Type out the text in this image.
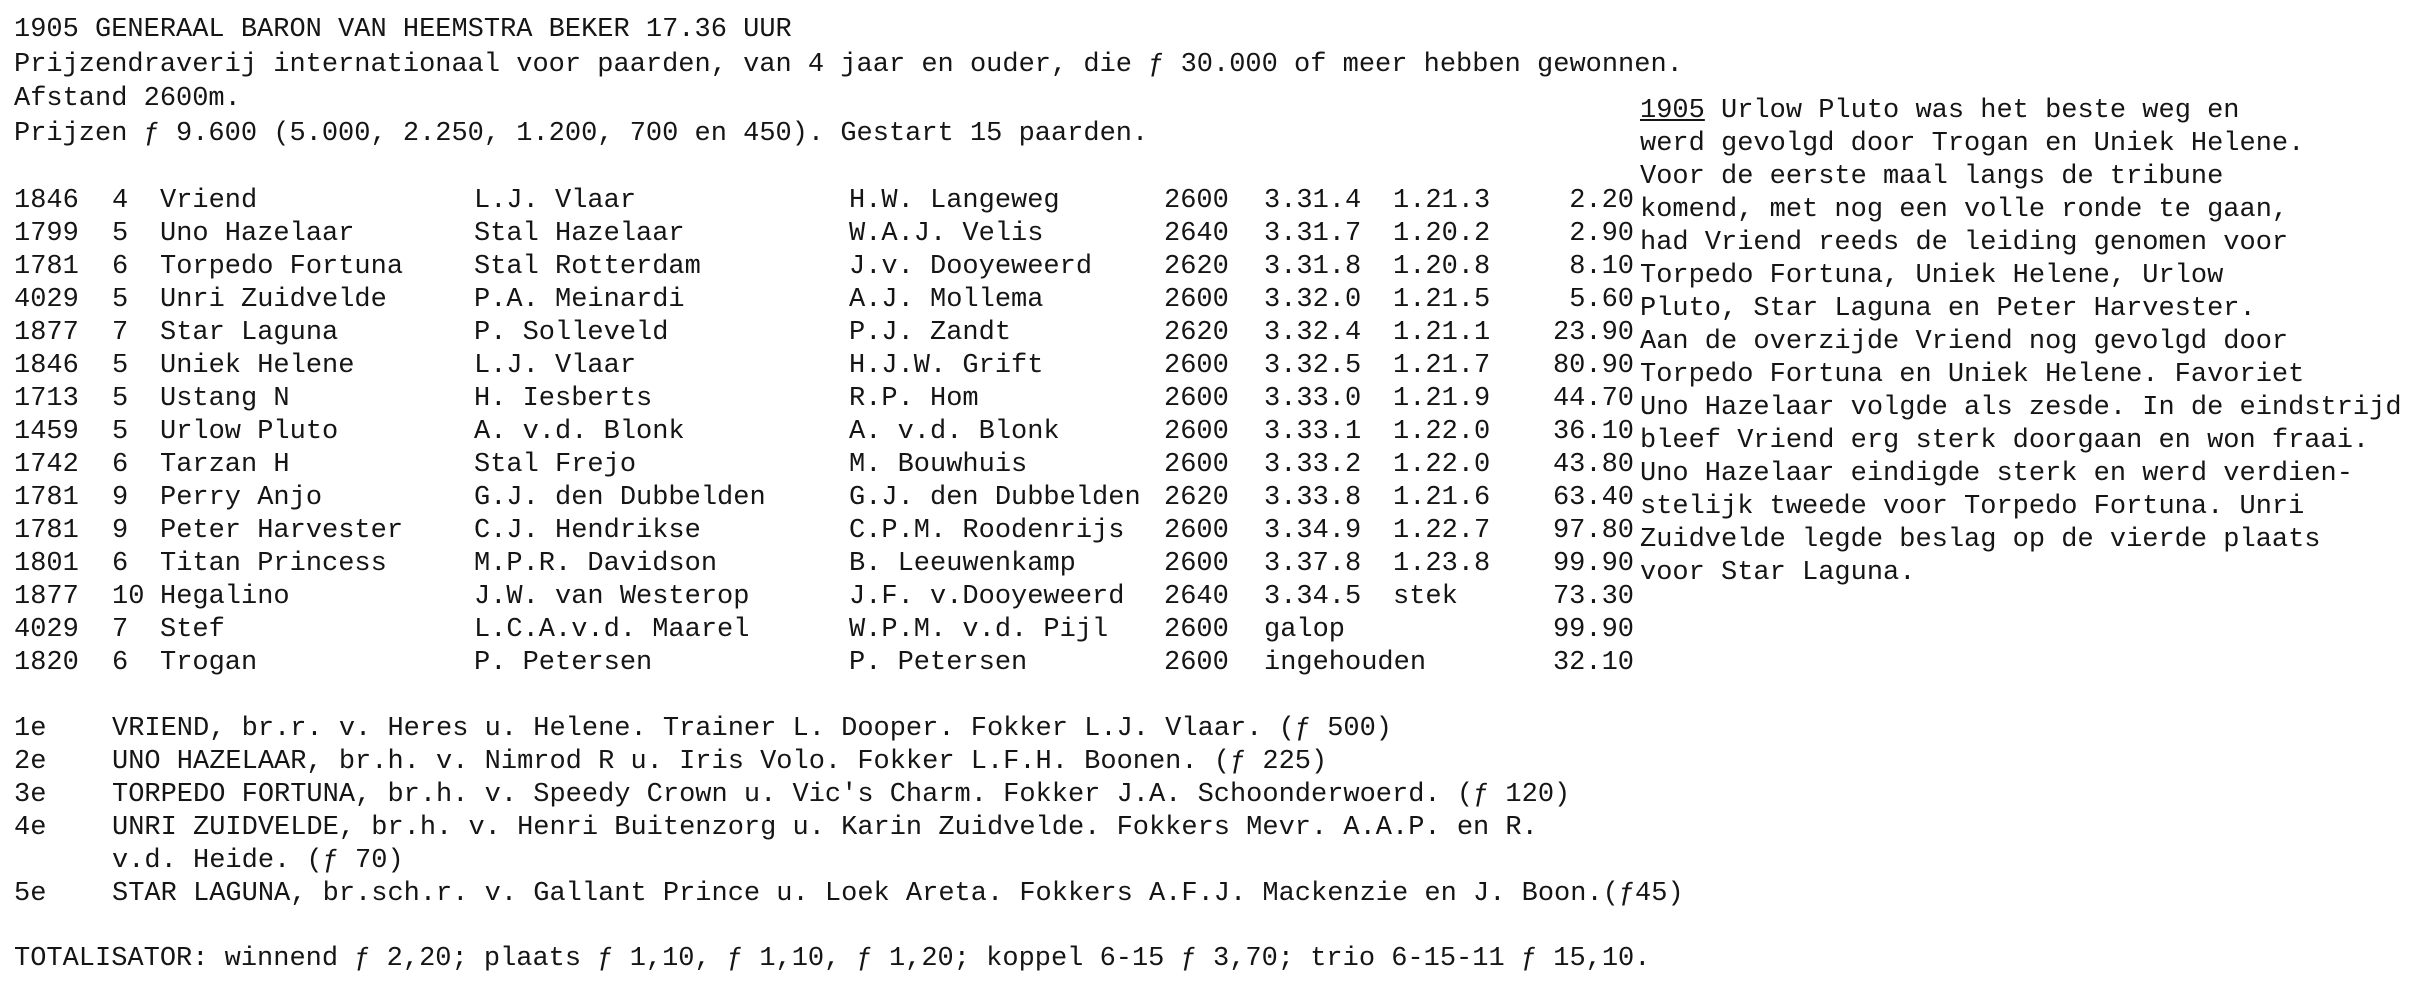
1905 GENERAAL BARON VAN HEEMSTRA BEKER 17.36 UUR
Prijzendraverij internationaal voor paarden, van 4 jaar en ouder, die ƒ 30.000 of meer hebben gewonnen.
Afstand 2600m.
Prijzen ƒ 9.600 (5.000, 2.250, 1.200, 700 en 450). Gestart 15 paarden.
1846 4 Vriend	L.J. Vlaar	H.W. Langeweg	2600 3.31.4 1.21.3	2.20
1799 5 Uno Hazelaar	Stal Hazelaar	W.A.J. Velis	2640 3.31.7 1.20.2	2.90
1781 6 Torpedo Fortuna	Stal Rotterdam	J.v. Dooyeweerd	2620 3.31.8 1.20.8	8.10
4029 5 Unri Zuidvelde	P.A. Meinardi	A.J. Mollema	2600 3.32.0 1.21.5	5.60
1877 7 Star Laguna	P. Solleveld	P.J. Zandt	2620 3.32.4 1.21.1	23.90
1846 5 Uniek Helene	L.J. Vlaar	H.J.W. Grift	2600 3.32.5 1.21.7	80.90
1713 5 Ustang N	H. Iesberts	R.P. Hom	2600 3.33.0 1.21.9	44.70
1459 5 Urlow Pluto	A. v.d. Blonk	A. v.d. Blonk	2600 3.33.1 1.22.0	36.10
1742 6 Tarzan H	Stal Frejo	M. Bouwhuis	2600 3.33.2 1.22.0	43.80
1781 9 Perry Anjo	G.J. den Dubbelden	G.J. den Dubbelden 2620 3.33.8 1.21.6	63.40
1781 9 Peter Harvester	C.J. Hendrikse	C.P.M. Roodenrijs 2600 3.34.9 1.22.7	97.80
1801 6 Titan Princess	M.P.R. Davidson	B. Leeuwenkamp	2600 3.37.8 1.23.8	99.90
1877 10 Hegalino	J.W. van Westerop	J.F. v.Dooyeweerd 2640 3.34.5 stek	73.30
4029 7 Stef	L.C.A.v.d. Maarel	W.P.M. v.d. Pijl 2600 galop	99.90
1820 6 Trogan	P. Petersen	P. Petersen	2600 ingehouden	32.10
1905 Urlow Pluto was het beste weg en
werd gevolgd door Trogan en Uniek Helene.
Voor de eerste maal langs de tribune
komend, met nog een volle ronde te gaan,
had Vriend reeds de leiding genomen voor
Torpedo Fortuna, Uniek Helene, Urlow
Pluto, Star Laguna en Peter Harvester.
Aan de overzijde Vriend nog gevolgd door
Torpedo Fortuna en Uniek Helene. Favoriet
Uno Hazelaar volgde als zesde. In de eindstrijd
bleef Vriend erg sterk doorgaan en won fraai.
Uno Hazelaar eindigde sterk en werd verdien-
stelijk tweede voor Torpedo Fortuna. Unri
Zuidvelde legde beslag op de vierde plaats
voor Star Laguna.
1e VRIEND, br.r. v. Heres u. Helene. Trainer L. Dooper. Fokker L.J. Vlaar. (ƒ 500)
2e UNO HAZELAAR, br.h. v. Nimrod R u. Iris Volo. Fokker L.F.H. Boonen. (ƒ 225)
3e TORPEDO FORTUNA, br.h. v. Speedy Crown u. Vic's Charm. Fokker J.A. Schoonderwoerd. (ƒ 120)
4e UNRI ZUIDVELDE, br.h. v. Henri Buitenzorg u. Karin Zuidvelde. Fokkers Mevr. A.A.P. en R.
v.d. Heide. (ƒ 70)
5e STAR LAGUNA, br.sch.r. v. Gallant Prince u. Loek Areta. Fokkers A.F.J. Mackenzie en J. Boon.(ƒ45)
TOTALISATOR: winnend ƒ 2,20; plaats ƒ 1,10, ƒ 1,10, ƒ 1,20; koppel 6-15 ƒ 3,70; trio 6-15-11 ƒ 15,10.
